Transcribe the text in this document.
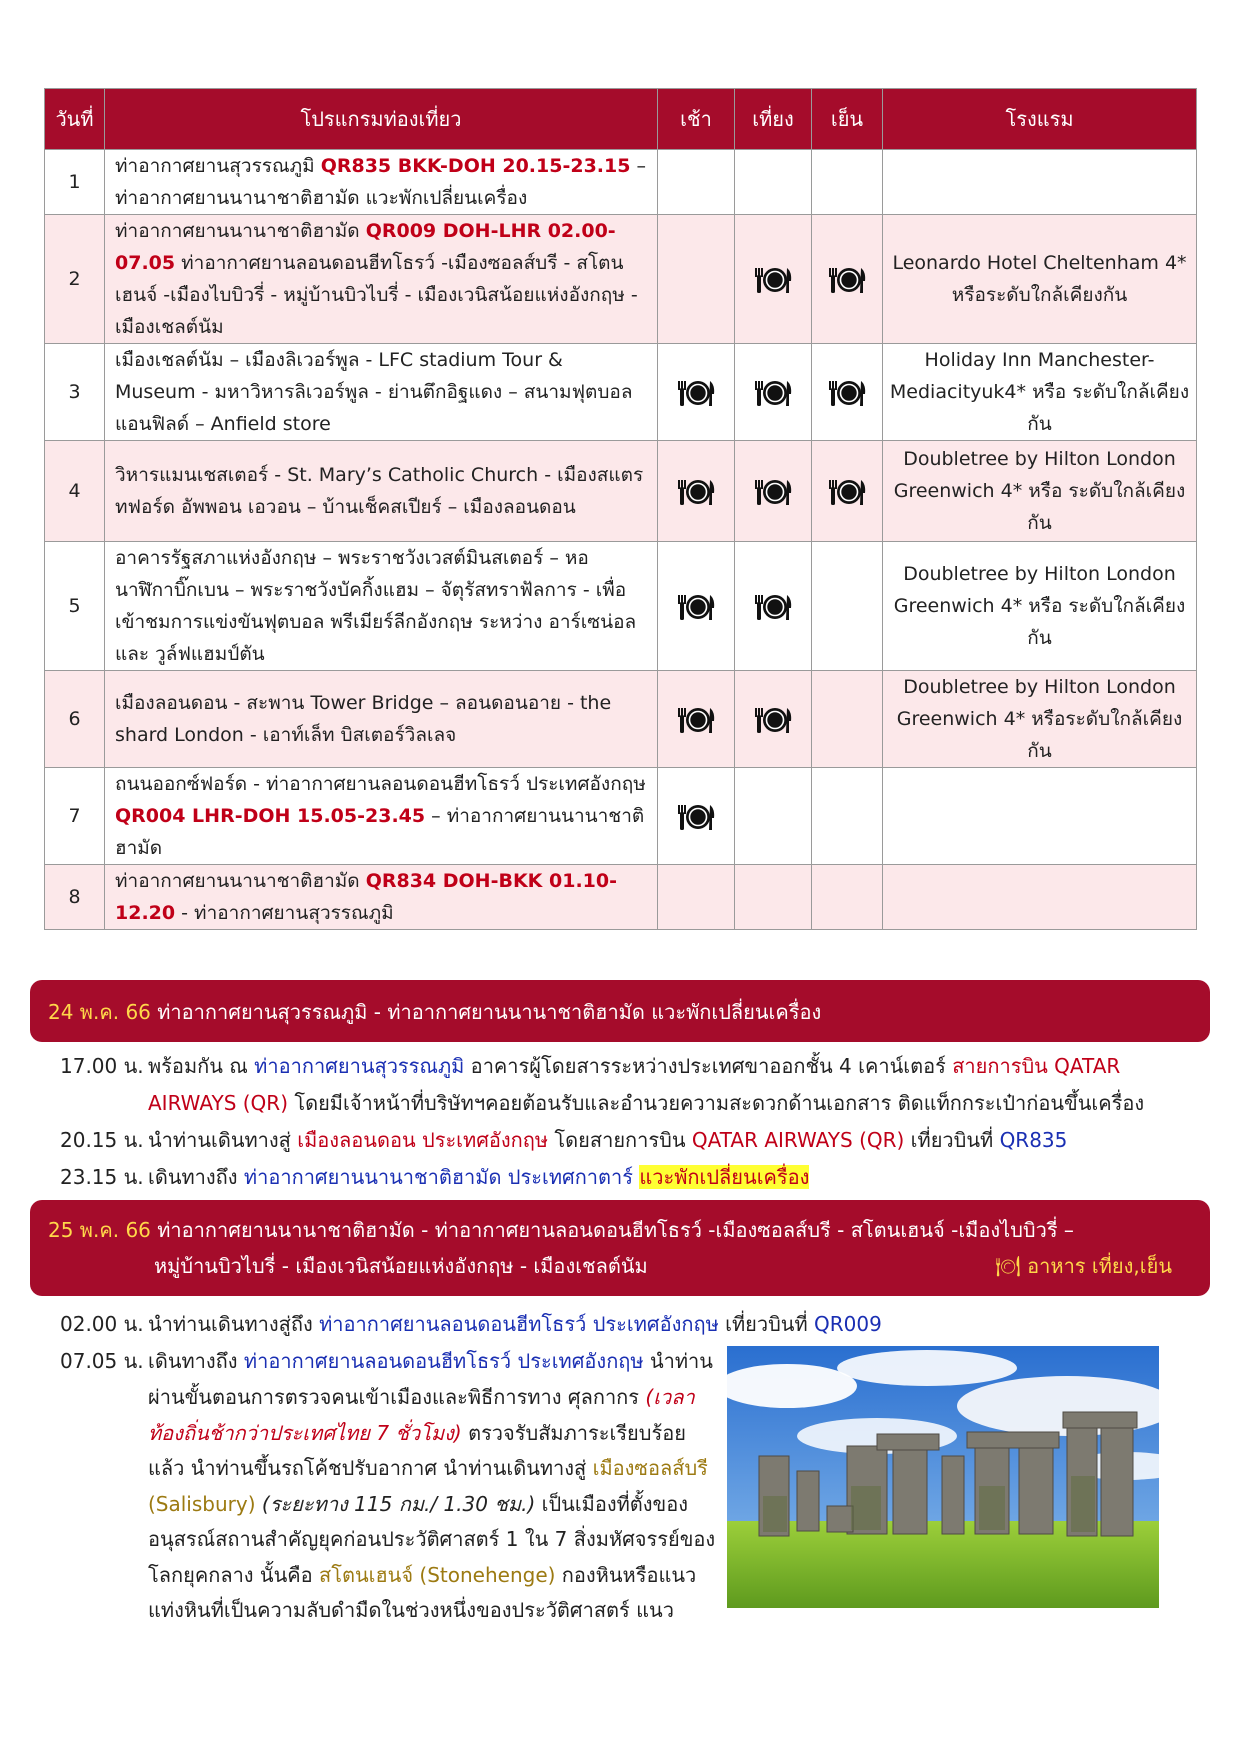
วันที่	โปรแกรมท่องเที่ยว	เช้า	เที่ยง	เย็น	โรงแรม
1	ท่าอากาศยานสุวรรณภูมิ QR835 BKK-DOH 20.15-23.15 – ท่าอากาศยานนานาชาติฮามัด แวะพักเปลี่ยนเครื่อง				
2	ท่าอากาศยานนานาชาติฮามัด QR009 DOH-LHR 02.00-07.05 ท่าอากาศยานลอนดอนฮีทโธรว์ -เมืองซอลส์บรี - สโตนเฮนจ์ -เมืองไบบิวรี่ - หมู่บ้านบิวไบรี่ - เมืองเวนิสน้อยแห่งอังกฤษ - เมืองเชลต์นัม				Leonardo Hotel Cheltenham 4* หรือระดับใกล้เคียงกัน
3	เมืองเชลต์นัม – เมืองลิเวอร์พูล - LFC stadium Tour & Museum - มหาวิหารลิเวอร์พูล - ย่านตึกอิฐแดง – สนามฟุตบอลแอนฟิลด์ – Anfield store				Holiday Inn Manchester-Mediacityuk4* หรือ ระดับใกล้เคียงกัน
4	วิหารแมนเชสเตอร์ - St. Mary’s Catholic Church - เมืองสแตรทฟอร์ด อัพพอน เอวอน – บ้านเช็คสเปียร์ – เมืองลอนดอน				Doubletree by Hilton London Greenwich 4* หรือ ระดับใกล้เคียงกัน
5	อาคารรัฐสภาแห่งอังกฤษ – พระราชวังเวสต์มินสเตอร์ – หอนาฬิกาบิ๊กเบน – พระราชวังบัคกิ้งแฮม – จัตุรัสทราฟัลการ - เพื่อเข้าชมการแข่งขันฟุตบอล พรีเมียร์ลีกอังกฤษ ระหว่าง อาร์เซน่อล และ วูล์ฟแฮมป์ตัน				Doubletree by Hilton London Greenwich 4* หรือ ระดับใกล้เคียงกัน
6	เมืองลอนดอน - สะพาน Tower Bridge – ลอนดอนอาย - the shard London - เอาท์เล็ท บิสเตอร์วิลเลจ				Doubletree by Hilton London Greenwich 4* หรือระดับใกล้เคียงกัน
7	ถนนออกซ์ฟอร์ด - ท่าอากาศยานลอนดอนฮีทโธรว์ ประเทศอังกฤษ QR004 LHR-DOH 15.05-23.45 – ท่าอากาศยานนานาชาติฮามัด				
8	ท่าอากาศยานนานาชาติฮามัด QR834 DOH-BKK 01.10-12.20 - ท่าอากาศยานสุวรรณภูมิ				
24 พ.ค. 66 ท่าอากาศยานสุวรรณภูมิ - ท่าอากาศยานนานาชาติฮามัด แวะพักเปลี่ยนเครื่อง
17.00 น. พร้อมกัน ณ ท่าอากาศยานสุวรรณภูมิ อาคารผู้โดยสารระหว่างประเทศขาออกชั้น 4 เคาน์เตอร์ สายการบิน QATAR
AIRWAYS (QR) โดยมีเจ้าหน้าที่บริษัทฯคอยต้อนรับและอำนวยความสะดวกด้านเอกสาร ติดแท็กกระเป๋าก่อนขึ้นเครื่อง
20.15 น. นำท่านเดินทางสู่ เมืองลอนดอน ประเทศอังกฤษ โดยสายการบิน QATAR AIRWAYS (QR) เที่ยวบินที่ QR835
23.15 น. เดินทางถึง ท่าอากาศยานนานาชาติฮามัด ประเทศกาตาร์ แวะพักเปลี่ยนเครื่อง
25 พ.ค. 66 ท่าอากาศยานนานาชาติฮามัด - ท่าอากาศยานลอนดอนฮีทโธรว์ -เมืองซอลส์บรี - สโตนเฮนจ์ -เมืองไบบิวรี่ –
หมู่บ้านบิวไบรี่ - เมืองเวนิสน้อยแห่งอังกฤษ - เมืองเชลต์นัม	🍽 อาหาร เที่ยง,เย็น
02.00 น. นำท่านเดินทางสู่ถึง ท่าอากาศยานลอนดอนฮีทโธรว์ ประเทศอังกฤษ เที่ยวบินที่ QR009
07.05 น. เดินทางถึง ท่าอากาศยานลอนดอนฮีทโธรว์ ประเทศอังกฤษ นำท่าน
ผ่านขั้นตอนการตรวจคนเข้าเมืองและพิธีการทาง ศุลกากร (เวลาท้องถิ่นช้ากว่าประเทศไทย 7 ชั่วโมง) ตรวจรับสัมภาระเรียบร้อยแล้ว นำท่านขึ้นรถโค้ชปรับอากาศ นำท่านเดินทางสู่ เมืองซอลส์บรี (Salisbury) (ระยะทาง 115 กม./ 1.30 ชม.) เป็นเมืองที่ตั้งของอนุสรณ์สถานสำคัญยุคก่อนประวัติศาสตร์ 1 ใน 7 สิ่งมหัศจรรย์ของโลกยุคกลาง นั้นคือ สโตนเฮนจ์ (Stonehenge) กองหินหรือแนวแท่งหินที่เป็นความลับดำมืดในช่วงหนึ่งของประวัติศาสตร์ แนว
